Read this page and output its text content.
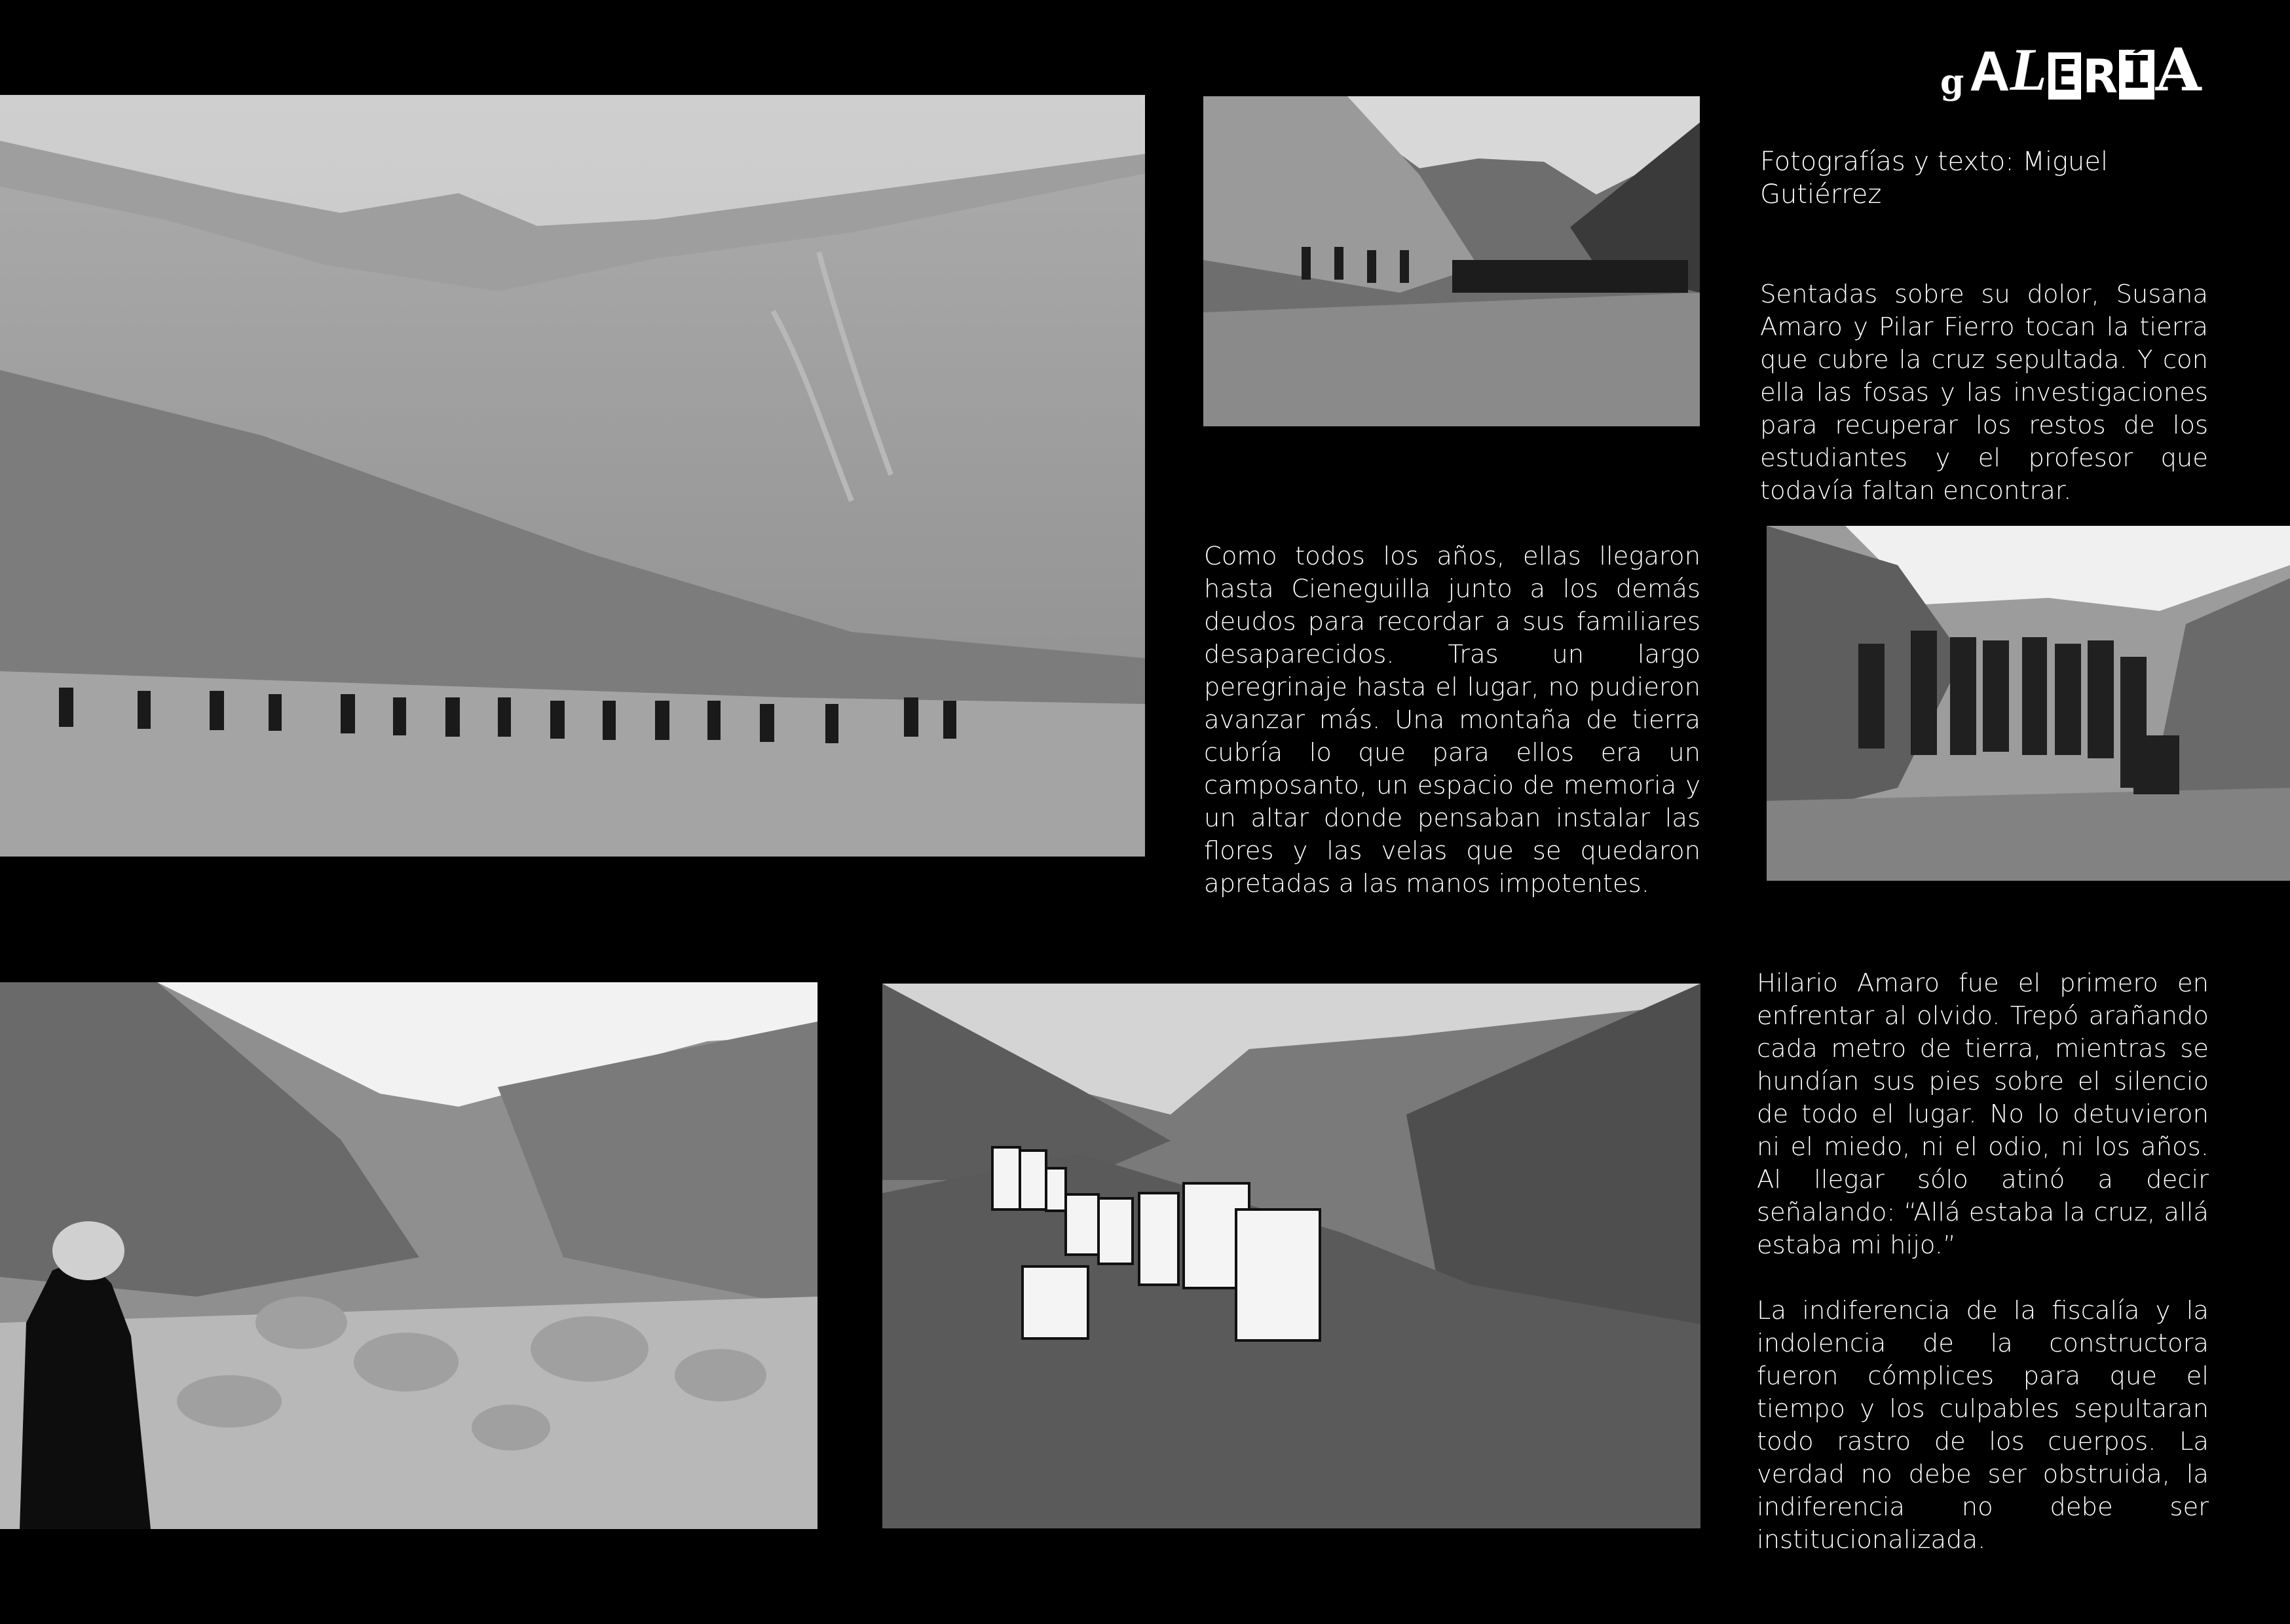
g A L E R Í A
Fotografías y texto: Miguel Gutiérrez

Sentadas sobre su dolor, Susana Amaro y Pilar Fierro tocan la tierra que cubre la cruz sepultada. Y con ella las fosas y las investigaciones para recuperar los restos de los estudiantes y el profesor que todavía faltan encontrar.

Como todos los años, ellas llegaron hasta Cieneguilla junto a los demás deudos para recordar a sus familiares desaparecidos. Tras un largo peregrinaje hasta el lugar, no pudieron avanzar más. Una montaña de tierra cubría lo que para ellos era un camposanto, un espacio de memoria y un altar donde pensaban instalar las flores y las velas que se quedaron apretadas a las manos impotentes.

Hilario Amaro fue el primero en enfrentar al olvido. Trepó arañando cada metro de tierra, mientras se hundían sus pies sobre el silencio de todo el lugar. No lo detuvieron ni el miedo, ni el odio, ni los años. Al llegar sólo atinó a decir señalando: “Allá estaba la cruz, allá estaba mi hijo.”

La indiferencia de la fiscalía y la indolencia de la constructora fueron cómplices para que el tiempo y los culpables sepultaran todo rastro de los cuerpos. La verdad no debe ser obstruida, la indiferencia no debe ser institucionalizada.
